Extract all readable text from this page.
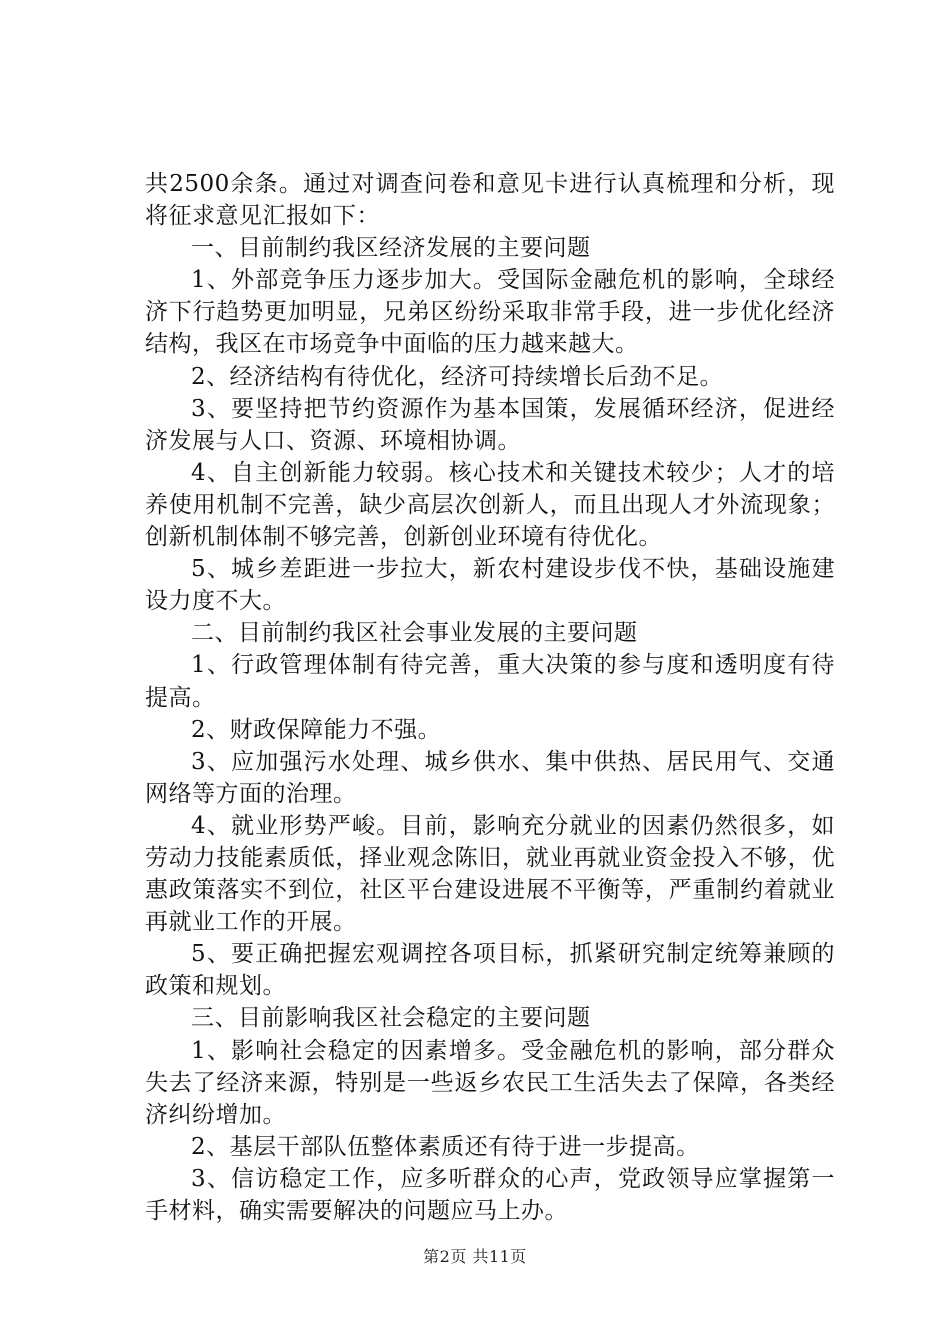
共2500余条。通过对调查问卷和意见卡进行认真梳理和分析，现将征求意见汇报如下：

一、目前制约我区经济发展的主要问题

1、外部竞争压力逐步加大。受国际金融危机的影响，全球经济下行趋势更加明显，兄弟区纷纷采取非常手段，进一步优化经济结构，我区在市场竞争中面临的压力越来越大。

2、经济结构有待优化，经济可持续增长后劲不足。

3、要坚持把节约资源作为基本国策，发展循环经济，促进经济发展与人口、资源、环境相协调。

4、自主创新能力较弱。核心技术和关键技术较少；人才的培养使用机制不完善，缺少高层次创新人，而且出现人才外流现象；创新机制体制不够完善，创新创业环境有待优化。

5、城乡差距进一步拉大，新农村建设步伐不快，基础设施建设力度不大。

二、目前制约我区社会事业发展的主要问题

1、行政管理体制有待完善，重大决策的参与度和透明度有待提高。

2、财政保障能力不强。

3、应加强污水处理、城乡供水、集中供热、居民用气、交通网络等方面的治理。

4、就业形势严峻。目前，影响充分就业的因素仍然很多，如劳动力技能素质低，择业观念陈旧，就业再就业资金投入不够，优惠政策落实不到位，社区平台建设进展不平衡等，严重制约着就业再就业工作的开展。

5、要正确把握宏观调控各项目标，抓紧研究制定统筹兼顾的政策和规划。

三、目前影响我区社会稳定的主要问题

1、影响社会稳定的因素增多。受金融危机的影响，部分群众失去了经济来源，特别是一些返乡农民工生活失去了保障，各类经济纠纷增加。

2、基层干部队伍整体素质还有待于进一步提高。

3、信访稳定工作，应多听群众的心声，党政领导应掌握第一手材料，确实需要解决的问题应马上办。

第2页 共11页
